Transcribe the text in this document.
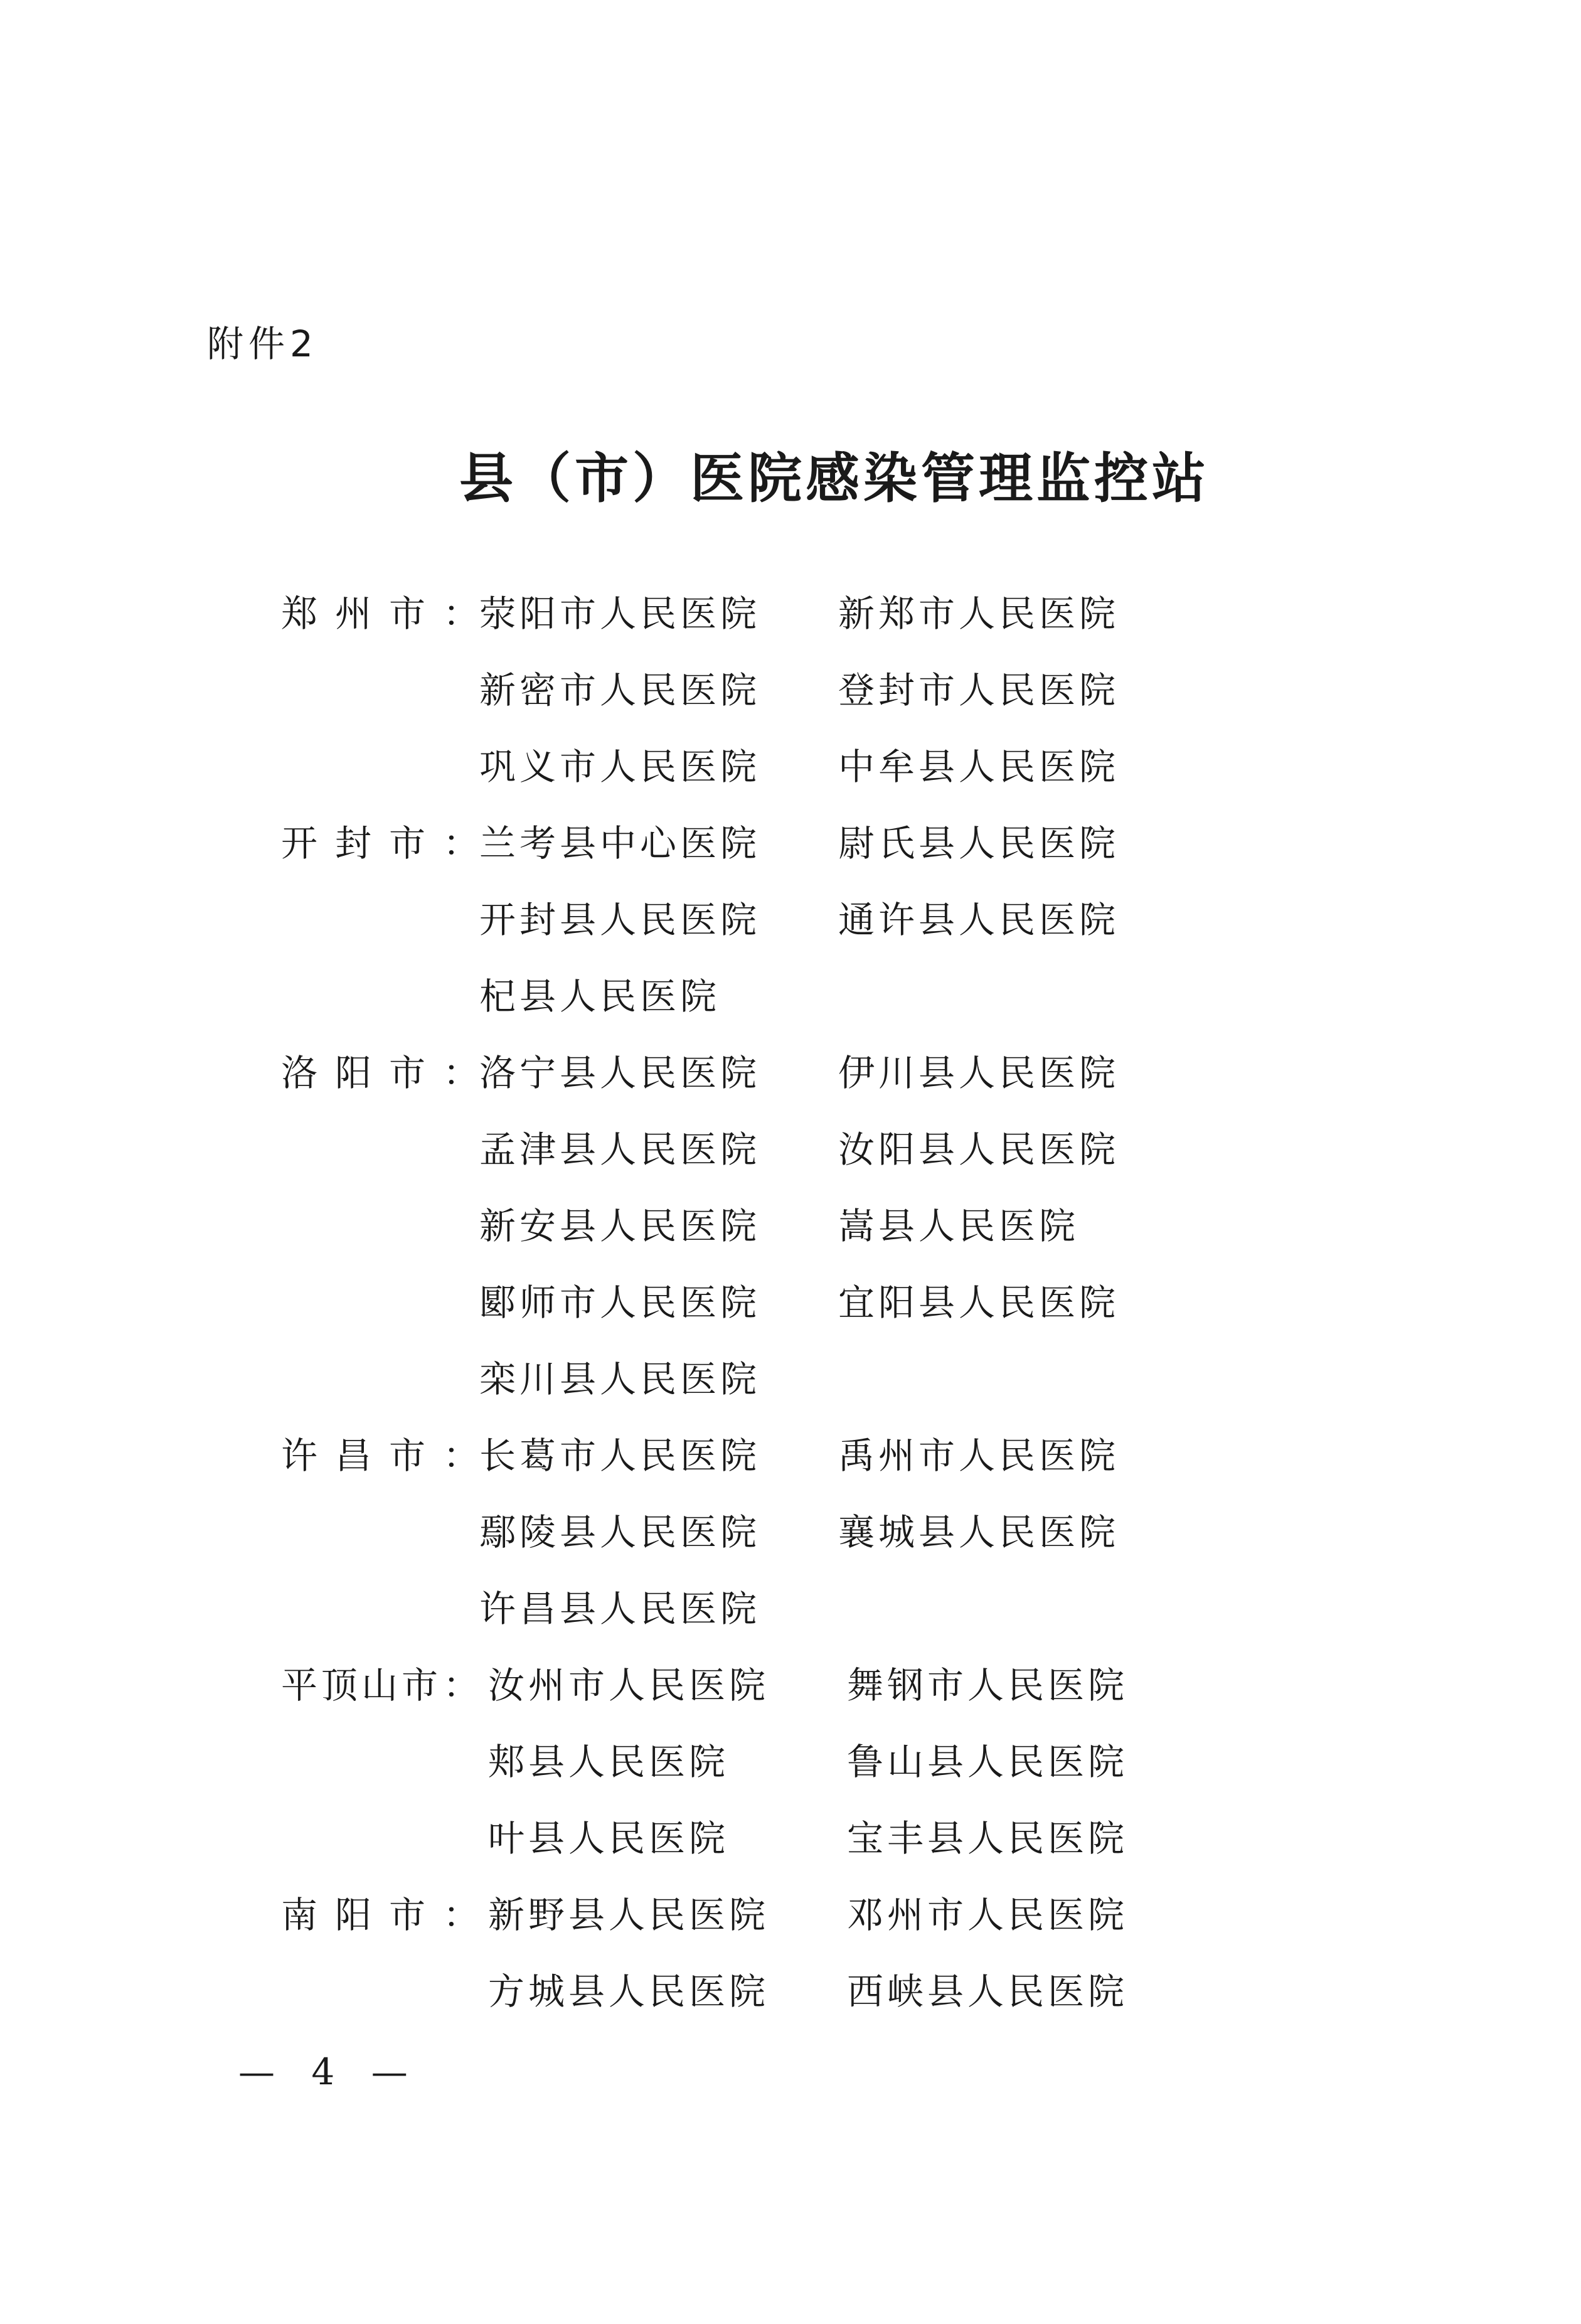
附件2
县（市）医院感染管理监控站
郑 州 市 ： 荥阳市人民医院 新郑市人民医院
新密市人民医院 登封市人民医院
巩义市人民医院 中牟县人民医院
开 封 市 ： 兰考县中心医院 尉氏县人民医院
开封县人民医院 通许县人民医院
杞县人民医院
洛 阳 市 ： 洛宁县人民医院 伊川县人民医院
孟津县人民医院 汝阳县人民医院
新安县人民医院 嵩县人民医院
郾师市人民医院 宜阳县人民医院
栾川县人民医院
许 昌 市 ： 长葛市人民医院 禹州市人民医院
鄢陵县人民医院 襄城县人民医院
许昌县人民医院
平 顶 山 市 ： 汝州市人民医院 舞钢市人民医院
郏县人民医院	鲁山县人民医院
叶县人民医院	宝丰县人民医院
南 阳 市 ： 新野县人民医院 邓州市人民医院
方城县人民医院 西峡县人民医院
— 4 —
